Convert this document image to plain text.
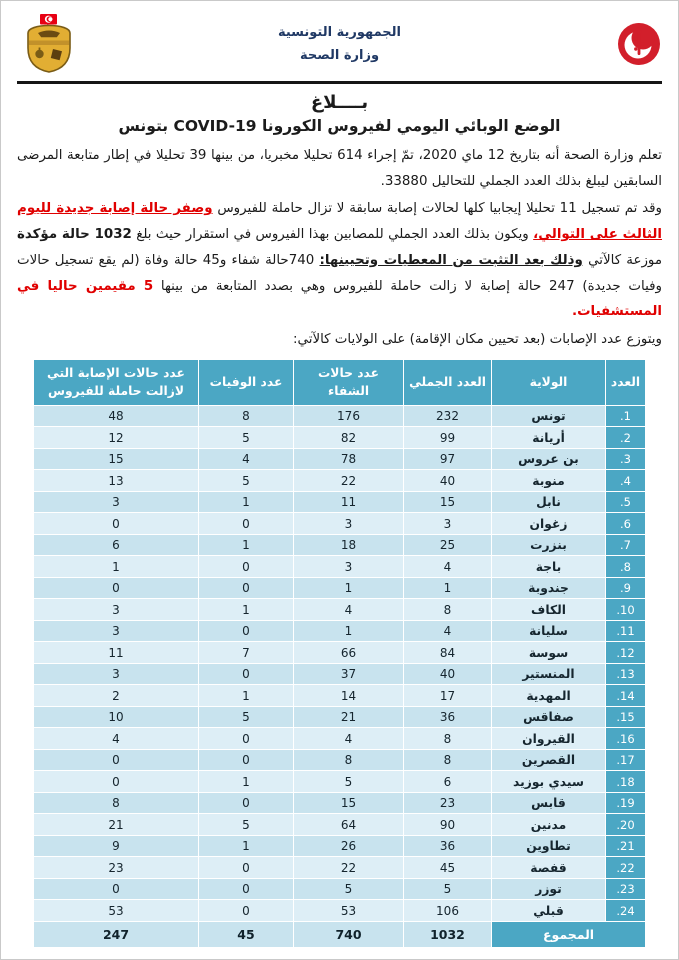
الجمهورية التونسية
وزارة الصحة
بــــلاغ
الوضع الوبائي اليومي لفيروس الكورونا COVID-19 بتونس

تعلم وزارة الصحة أنه بتاريخ 12 ماي 2020، تمّ إجراء 614 تحليلا مخبريا، من بينها 39 تحليلا في إطار متابعة المرضى السابقين ليبلغ بذلك العدد الجملي للتحاليل 33880.

وقد تم تسجيل 11 تحليلا إيجابيا كلها لحالات إصابة سابقة لا تزال حاملة للفيروس وصفر حالة إصابة جديدة لليوم الثالث على التوالي، ويكون بذلك العدد الجملي للمصابين بهذا الفيروس في استقرار حيث بلغ 1032 حالة مؤكدة موزعة كالآتي وذلك بعد التثبت من المعطيات وتحيينها: 740حالة شفاء و45 حالة وفاة (لم يقع تسجيل حالات وفيات جديدة) 247 حالة إصابة لا زالت حاملة للفيروس وهي بصدد المتابعة من بينها 5 مقيمين حاليا في المستشفيات.

ويتوزع عدد الإصابات (بعد تحيين مكان الإقامة) على الولايات كالآتي:

العدد	الولاية	العدد الجملي	عدد حالات الشفاء	عدد الوفيات	عدد حالات الإصابة التي لازالت حاملة للفيروس
1.	تونس	232	176	8	48
2.	أريانة	99	82	5	12
3.	بن عروس	97	78	4	15
4.	منوبة	40	22	5	13
5.	نابل	15	11	1	3
6.	زغوان	3	3	0	0
7.	بنزرت	25	18	1	6
8.	باجة	4	3	0	1
9.	جندوبة	1	1	0	0
10.	الكاف	8	4	1	3
11.	سليانة	4	1	0	3
12.	سوسة	84	66	7	11
13.	المنستير	40	37	0	3
14.	المهدية	17	14	1	2
15.	صفاقس	36	21	5	10
16.	القيروان	8	4	0	4
17.	القصرين	8	8	0	0
18.	سيدي بوزيد	6	5	1	0
19.	قابس	23	15	0	8
20.	مدنين	90	64	5	21
21.	تطاوين	36	26	1	9
22.	قفصة	45	22	0	23
23.	توزر	5	5	0	0
24.	قبلي	106	53	0	53
المجموع		1032	740	45	247
